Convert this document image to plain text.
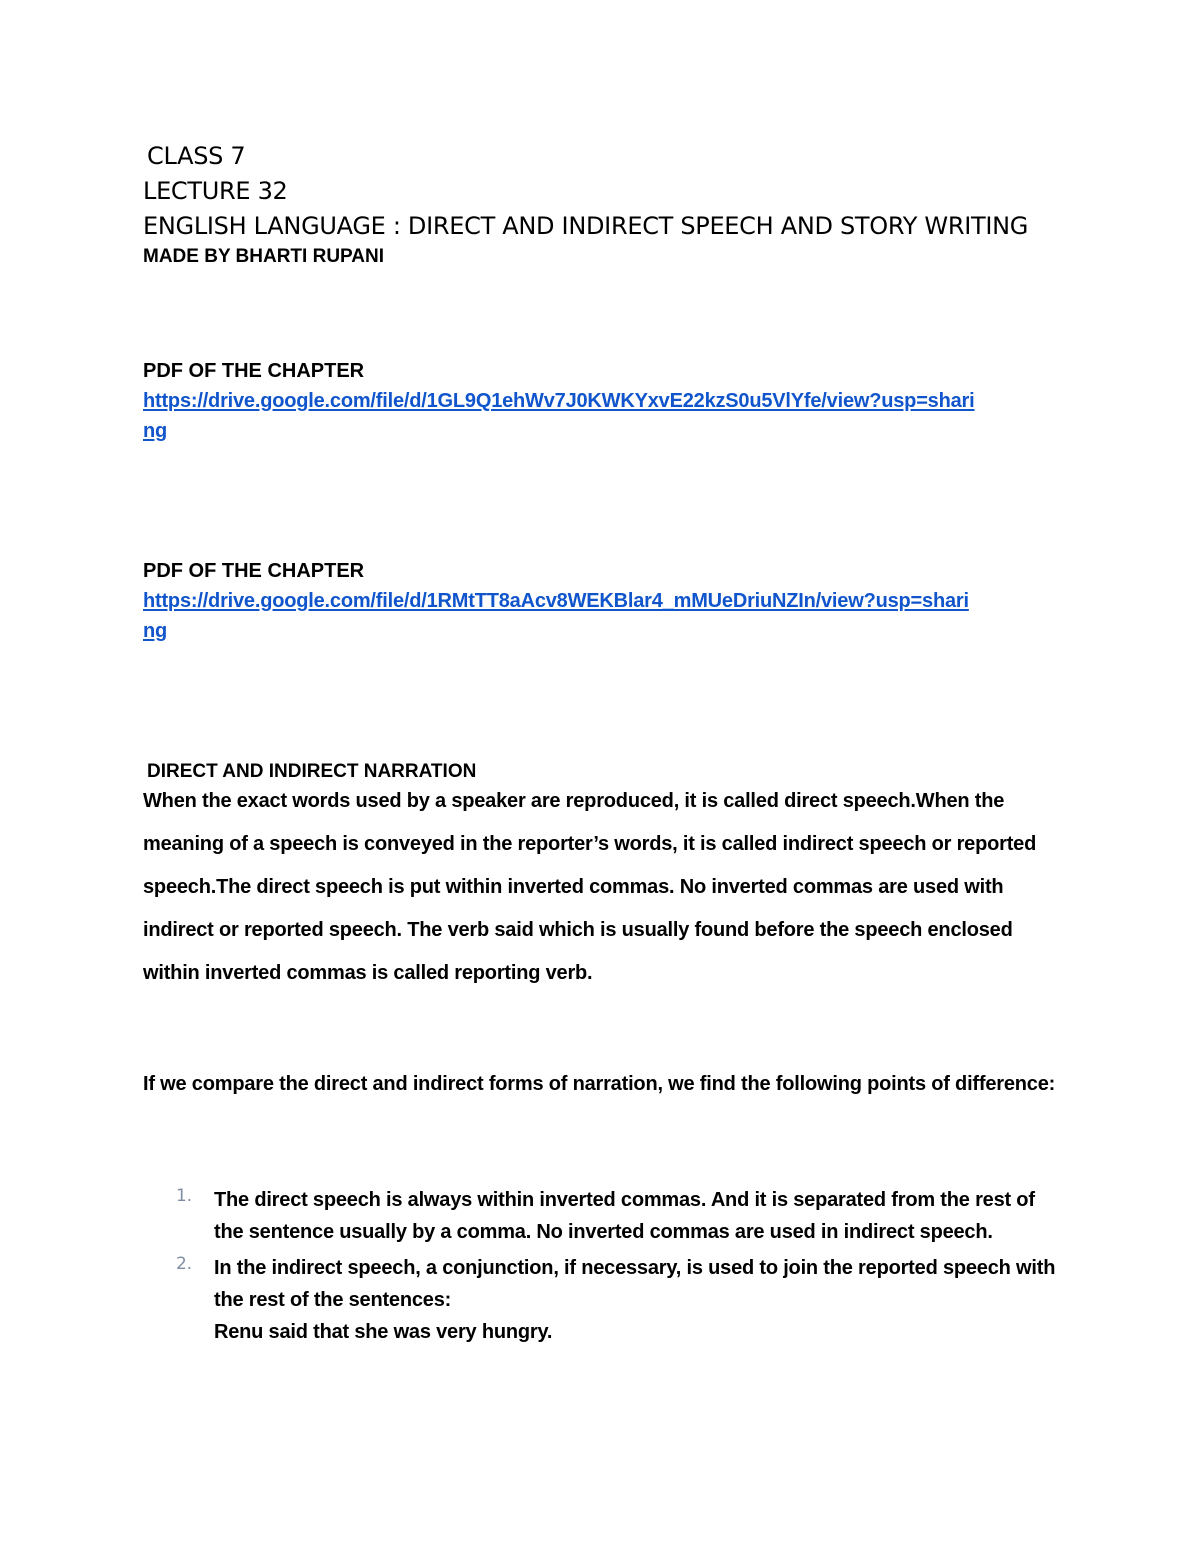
CLASS 7
LECTURE 32
ENGLISH LANGUAGE : DIRECT AND INDIRECT SPEECH AND STORY WRITING
MADE BY BHARTI RUPANI
PDF OF THE CHAPTER
https://drive.google.com/file/d/1GL9Q1ehWv7J0KWKYxvE22kzS0u5VlYfe/view?usp=shari
ng
PDF OF THE CHAPTER
https://drive.google.com/file/d/1RMtTT8aAcv8WEKBlar4_mMUeDriuNZIn/view?usp=shari
ng
DIRECT AND INDIRECT NARRATION
When the exact words used by a speaker are reproduced, it is called direct speech.When the meaning of a speech is conveyed in the reporter’s words, it is called indirect speech or reported speech.The direct speech is put within inverted commas. No inverted commas are used with indirect or reported speech. The verb said which is usually found before the speech enclosed within inverted commas is called reporting verb.
If we compare the direct and indirect forms of narration, we find the following points of difference:
1. The direct speech is always within inverted commas. And it is separated from the rest of the sentence usually by a comma. No inverted commas are used in indirect speech.
2. In the indirect speech, a conjunction, if necessary, is used to join the reported speech with the rest of the sentences:
Renu said that she was very hungry.
